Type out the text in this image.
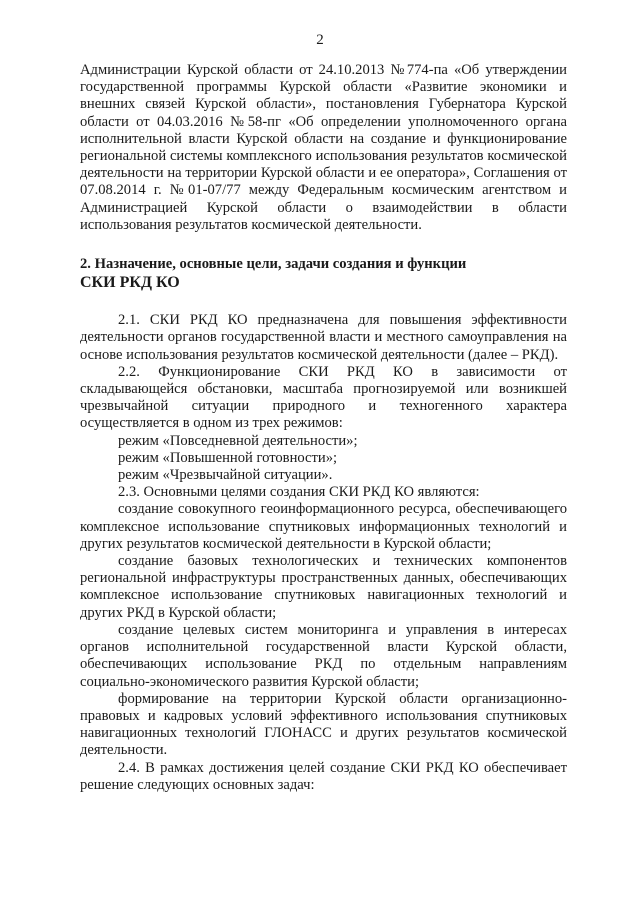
2

Администрации Курской области от 24.10.2013 №774-па «Об утверждении государственной программы Курской области «Развитие экономики и внешних связей Курской области», постановления Губернатора Курской области от 04.03.2016 №58-пг «Об определении уполномоченного органа исполнительной власти Курской области на создание и функционирование региональной системы комплексного использования результатов космической деятельности на территории Курской области и ее оператора», Соглашения от 07.08.2014 г. №01-07/77 между Федеральным космическим агентством и Администрацией Курской области о взаимодействии в области использования результатов космической деятельности.

2. Назначение, основные цели, задачи создания и функции

СКИ РКД КО

2.1. СКИ РКД КО предназначена для повышения эффективности деятельности органов государственной власти и местного самоуправления на основе использования результатов космической деятельности (далее – РКД).

2.2. Функционирование СКИ РКД КО в зависимости от складывающейся обстановки, масштаба прогнозируемой или возникшей чрезвычайной ситуации природного и техногенного характера осуществляется в одном из трех режимов:

режим «Повседневной деятельности»;

режим «Повышенной готовности»;

режим «Чрезвычайной ситуации».

2.3. Основными целями создания СКИ РКД КО являются:

создание совокупного геоинформационного ресурса, обеспечивающего комплексное использование спутниковых информационных технологий и других результатов космической деятельности в Курской области;

создание базовых технологических и технических компонентов региональной инфраструктуры пространственных данных, обеспечивающих комплексное использование спутниковых навигационных технологий и других РКД в Курской области;

создание целевых систем мониторинга и управления в интересах органов исполнительной государственной власти Курской области, обеспечивающих использование РКД по отдельным направлениям социально-экономического развития Курской области;

формирование на территории Курской области организационно-правовых и кадровых условий эффективного использования спутниковых навигационных технологий ГЛОНАСС и других результатов космической деятельности.

2.4. В рамках достижения целей создание СКИ РКД КО обеспечивает решение следующих основных задач:
